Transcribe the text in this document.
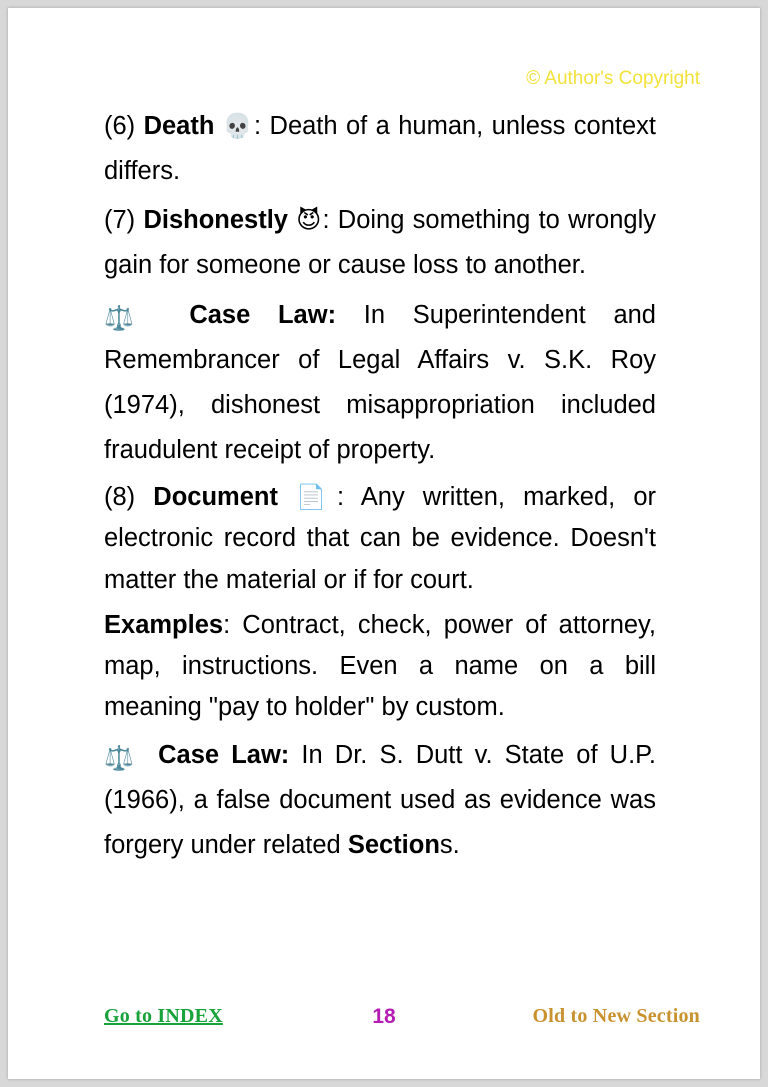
© Author's Copyright

(6) Death 💀: Death of a human, unless context differs.

(7) Dishonestly 😈: Doing something to wrongly gain for someone or cause loss to another.

⚖️ Case Law: In Superintendent and Remembrancer of Legal Affairs v. S.K. Roy (1974), dishonest misappropriation included fraudulent receipt of property.

(8) Document 📄: Any written, marked, or electronic record that can be evidence. Doesn't matter the material or if for court.

Examples: Contract, check, power of attorney, map, instructions. Even a name on a bill meaning "pay to holder" by custom.

⚖️ Case Law: In Dr. S. Dutt v. State of U.P. (1966), a false document used as evidence was forgery under related Sections.

Go to INDEX	18	Old to New Section
